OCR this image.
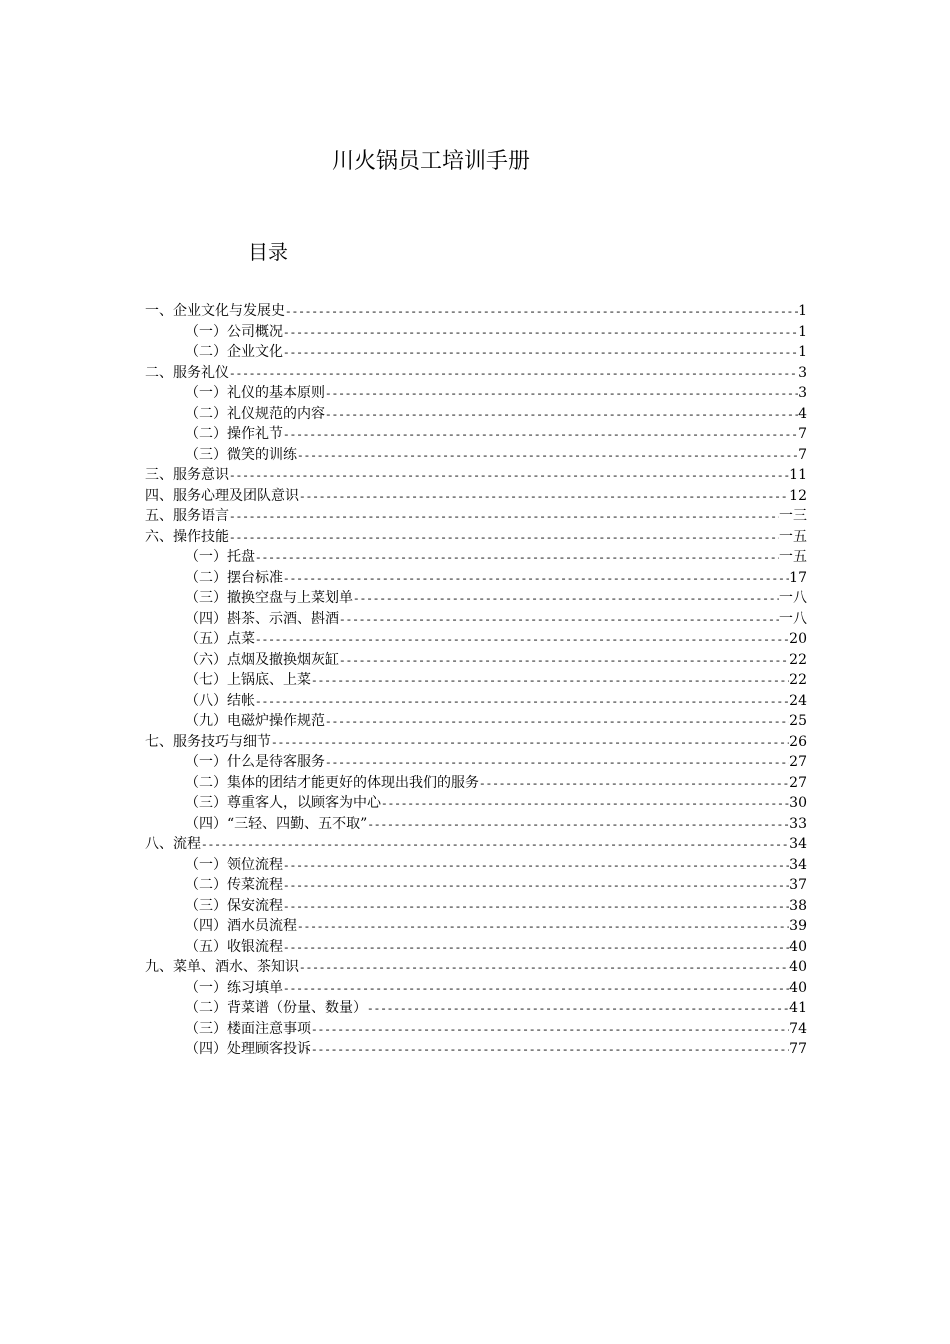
川火锅员工培训手册
目录
一、企业文化与发展史 -----	1
（一）公司概况 -----	1
（二）企业文化 -----	1
二、服务礼仪 -----	3
（一）礼仪的基本原则 -----	3
（二）礼仪规范的内容 -----	4
（二）操作礼节 -----	7
（三）微笑的训练 -----	7
三、服务意识 -----	11
四、服务心理及团队意识 -----	12
五、服务语言 -----	一三
六、操作技能 -----	一五
（一）托盘 -----	一五
（二）摆台标准 -----	17
（三）撤换空盘与上菜划单 -----	一八
（四）斟茶、示酒、斟酒 -----	一八
（五）点菜 -----	20
（六）点烟及撤换烟灰缸 -----	22
（七）上锅底、上菜 -----	22
（八）结帐 -----	24
（九）电磁炉操作规范 -----	25
七、服务技巧与细节 -----	26
（一）什么是待客服务 -----	27
（二）集体的团结才能更好的体现出我们的服务 -----	27
（三）尊重客人，以顾客为中心 -----	30
（四）“三轻、四勤、五不取” -----	33
八、流程 -----	34
（一）领位流程 -----	34
（二）传菜流程 -----	37
（三）保安流程 -----	38
（四）酒水员流程 -----	39
（五）收银流程 -----	40
九、菜单、酒水、茶知识 -----	40
（一）练习填单 -----	40
（二）背菜谱（份量、数量） -----	41
（三）楼面注意事项 -----	74
（四）处理顾客投诉 -----	77
